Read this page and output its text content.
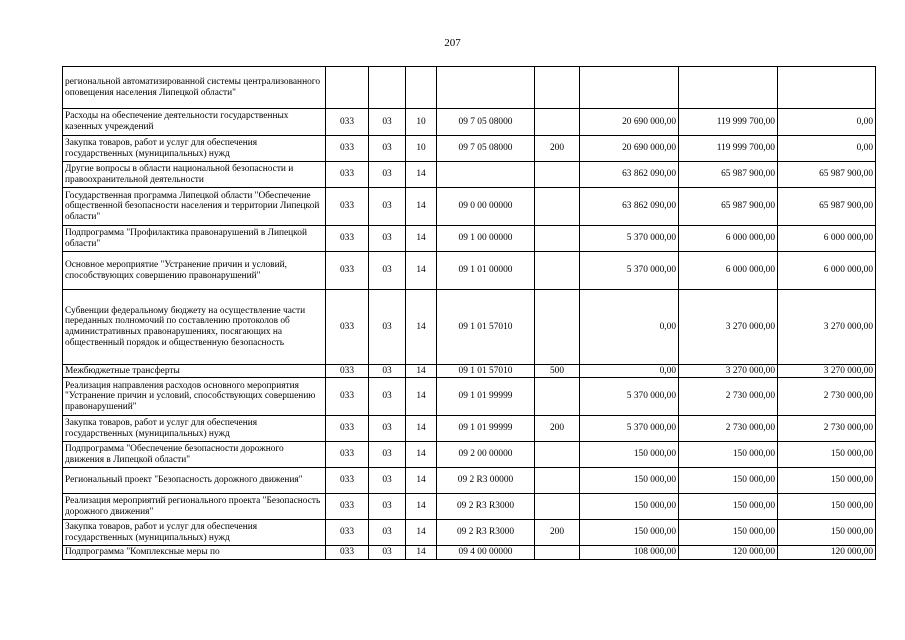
207
региональной автоматизированной системы централизованного оповещения населения Липецкой области"								
Расходы на обеспечение деятельности государственных казенных учреждений	033	03	10	09 7 05 08000		20 690 000,00	119 999 700,00	0,00
Закупка товаров, работ и услуг для обеспечения государственных (муниципальных) нужд	033	03	10	09 7 05 08000	200	20 690 000,00	119 999 700,00	0,00
Другие вопросы в области национальной безопасности и правоохранительной деятельности	033	03	14			63 862 090,00	65 987 900,00	65 987 900,00
Государственная программа Липецкой области "Обеспечение общественной безопасности населения и территории Липецкой области"	033	03	14	09 0 00 00000		63 862 090,00	65 987 900,00	65 987 900,00
Подпрограмма "Профилактика правонарушений в Липецкой области"	033	03	14	09 1 00 00000		5 370 000,00	6 000 000,00	6 000 000,00
Основное мероприятие "Устранение причин и условий, способствующих совершению правонарушений"	033	03	14	09 1 01 00000		5 370 000,00	6 000 000,00	6 000 000,00
Субвенции федеральному бюджету на осуществление части переданных полномочий по составлению протоколов об административных правонарушениях, посягающих на общественный порядок и общественную безопасность	033	03	14	09 1 01 57010		0,00	3 270 000,00	3 270 000,00
Межбюджетные трансферты	033	03	14	09 1 01 57010	500	0,00	3 270 000,00	3 270 000,00
Реализация направления расходов основного мероприятия "Устранение причин и условий, способствующих совершению правонарушений"	033	03	14	09 1 01 99999		5 370 000,00	2 730 000,00	2 730 000,00
Закупка товаров, работ и услуг для обеспечения государственных (муниципальных) нужд	033	03	14	09 1 01 99999	200	5 370 000,00	2 730 000,00	2 730 000,00
Подпрограмма "Обеспечение безопасности дорожного движения в Липецкой области"	033	03	14	09 2 00 00000		150 000,00	150 000,00	150 000,00
Региональный проект "Безопасность дорожного движения"	033	03	14	09 2 R3 00000		150 000,00	150 000,00	150 000,00
Реализация мероприятий регионального проекта "Безопасность дорожного движения"	033	03	14	09 2 R3 R3000		150 000,00	150 000,00	150 000,00
Закупка товаров, работ и услуг для обеспечения государственных (муниципальных) нужд	033	03	14	09 2 R3 R3000	200	150 000,00	150 000,00	150 000,00
Подпрограмма "Комплексные меры по	033	03	14	09 4 00 00000		108 000,00	120 000,00	120 000,00
